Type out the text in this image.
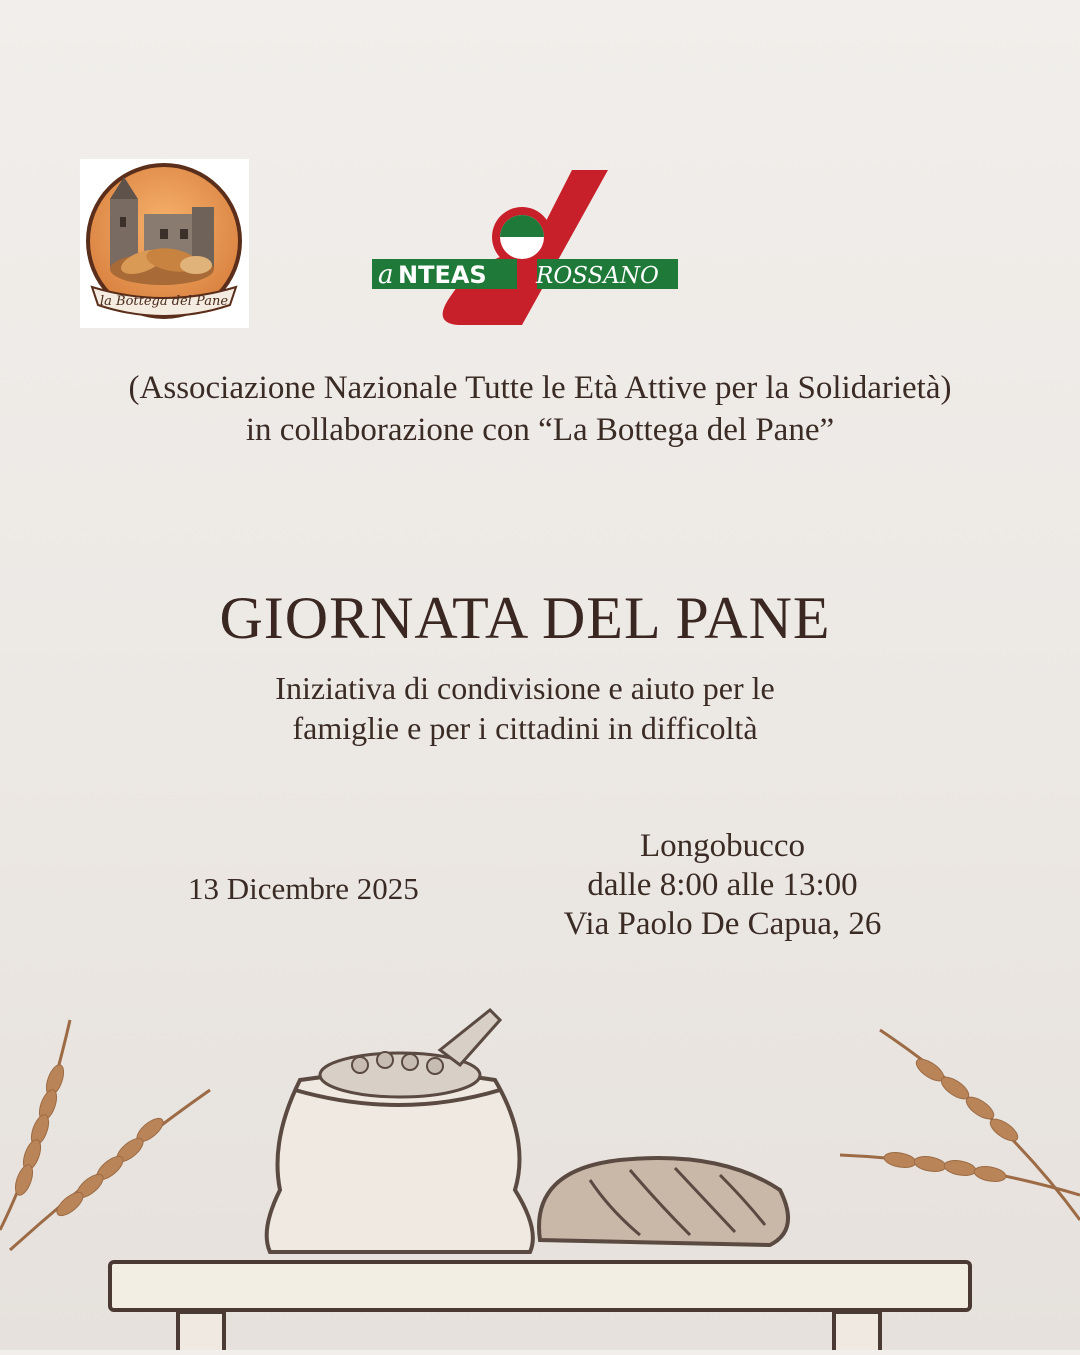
la Bottega del Pane
a NTEAS ROSSANO
(Associazione Nazionale Tutte le Età Attive per la Solidarietà)
in collaborazione con “La Bottega del Pane”
GIORNATA DEL PANE
Iniziativa di condivisione e aiuto per le
famiglie e per i cittadini in difficoltà
13 Dicembre 2025
Longobucco
dalle 8:00 alle 13:00
Via Paolo De Capua, 26
